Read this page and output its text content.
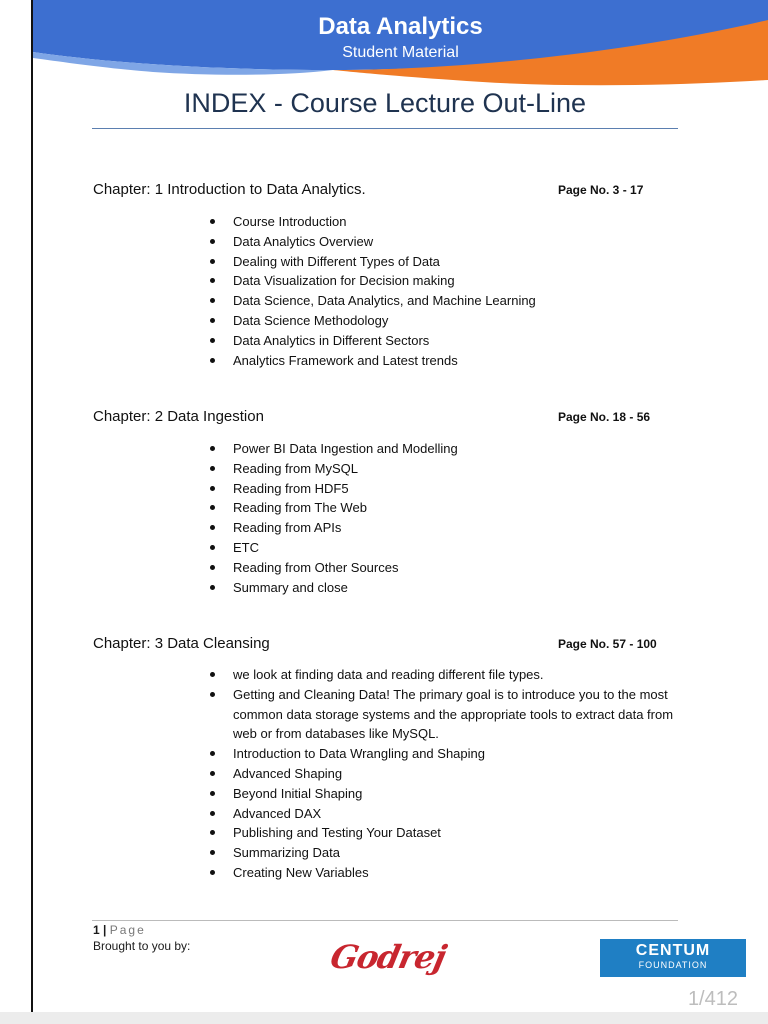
Data Analytics
Student Material
INDEX - Course Lecture Out-Line
Chapter: 1 Introduction to Data Analytics.	Page No. 3 - 17
Course Introduction
Data Analytics Overview
Dealing with Different Types of Data
Data Visualization for Decision making
Data Science, Data Analytics, and Machine Learning
Data Science Methodology
Data Analytics in Different Sectors
Analytics Framework and Latest trends
Chapter: 2 Data Ingestion	Page No. 18 - 56
Power BI Data Ingestion and Modelling
Reading from MySQL
Reading from HDF5
Reading from The Web
Reading from APIs
ETC
Reading from Other Sources
Summary and close
Chapter: 3 Data Cleansing	Page No. 57 - 100
we look at finding data and reading different file types.
Getting and Cleaning Data! The primary goal is to introduce you to the most common data storage systems and the appropriate tools to extract data from web or from databases like MySQL.
Introduction to Data Wrangling and Shaping
Advanced Shaping
Beyond Initial Shaping
Advanced DAX
Publishing and Testing Your Dataset
Summarizing Data
Creating New Variables
1 | Page
Brought to you by:	Godrej	CENTUM
FOUNDATION
1/412
